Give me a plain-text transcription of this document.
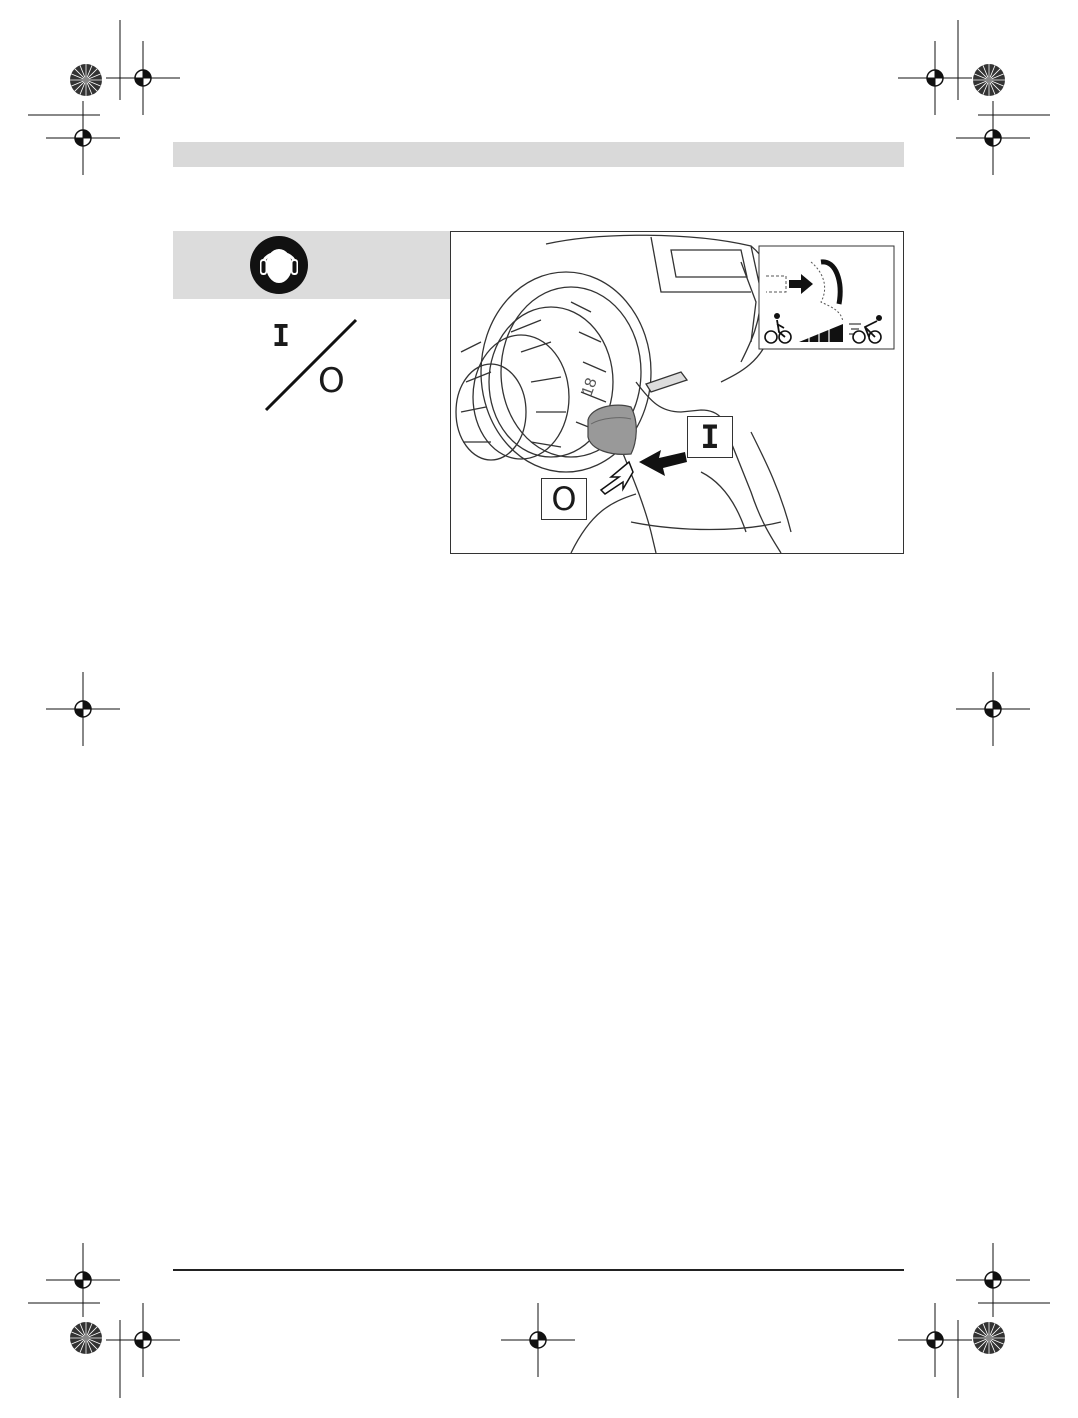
I
O	18
I
O
